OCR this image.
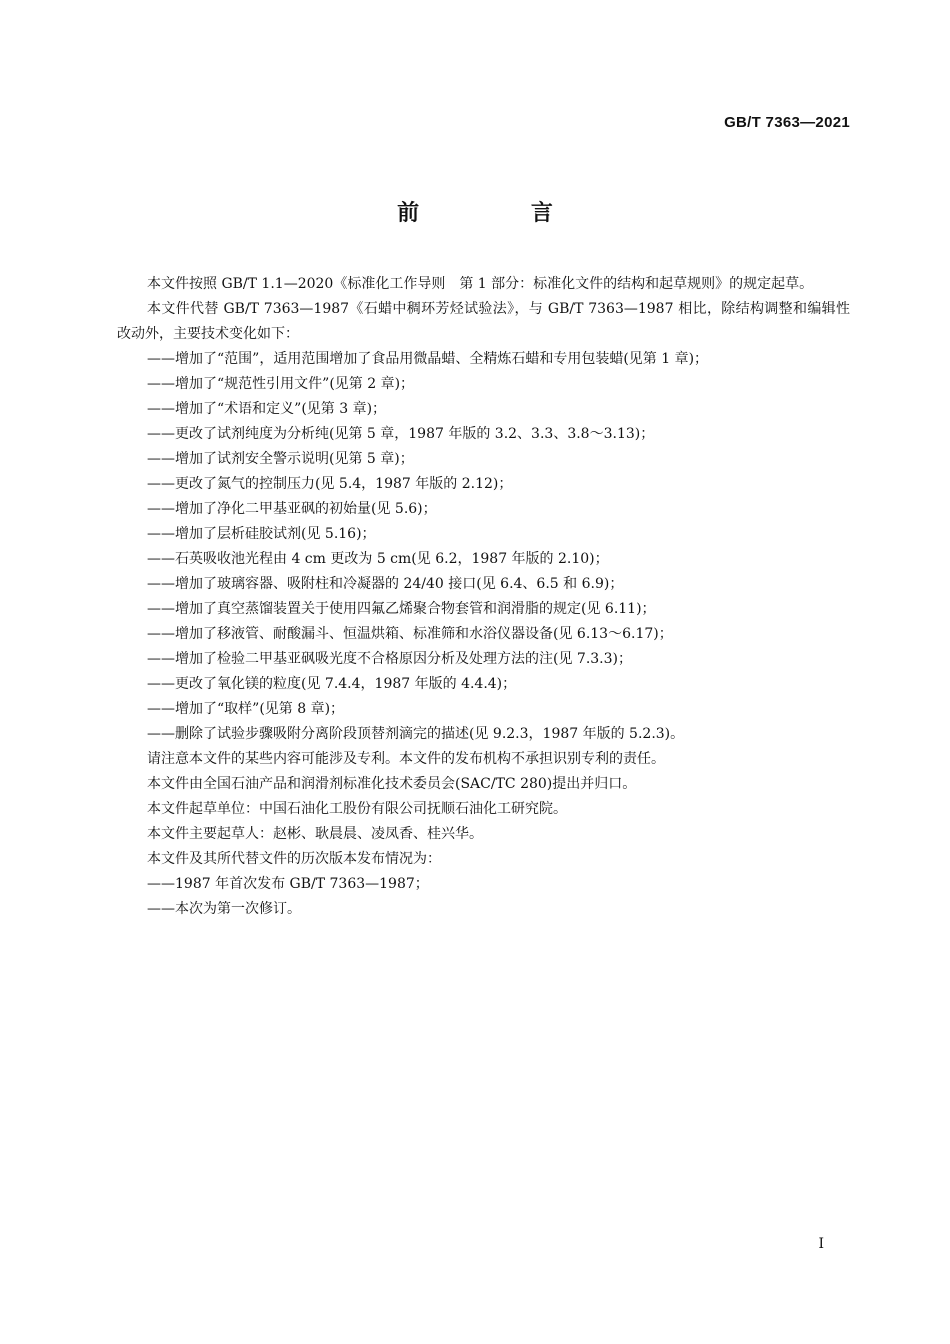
GB/T 7363—2021
前 言

本文件按照 GB/T 1.1—2020《标准化工作导则　第 1 部分：标准化文件的结构和起草规则》的规定起草。

本文件代替 GB/T 7363—1987《石蜡中稠环芳烃试验法》，与 GB/T 7363—1987 相比，除结构调整和编辑性改动外，主要技术变化如下：

——增加了“范围”，适用范围增加了食品用微晶蜡、全精炼石蜡和专用包装蜡(见第 1 章)；
——增加了“规范性引用文件”(见第 2 章)；
——增加了“术语和定义”(见第 3 章)；
——更改了试剂纯度为分析纯(见第 5 章，1987 年版的 3.2、3.3、3.8～3.13)；
——增加了试剂安全警示说明(见第 5 章)；
——更改了氮气的控制压力(见 5.4，1987 年版的 2.12)；
——增加了净化二甲基亚砜的初始量(见 5.6)；
——增加了层析硅胶试剂(见 5.16)；
——石英吸收池光程由 4 cm 更改为 5 cm(见 6.2，1987 年版的 2.10)；
——增加了玻璃容器、吸附柱和冷凝器的 24/40 接口(见 6.4、6.5 和 6.9)；
——增加了真空蒸馏装置关于使用四氟乙烯聚合物套管和润滑脂的规定(见 6.11)；
——增加了移液管、耐酸漏斗、恒温烘箱、标准筛和水浴仪器设备(见 6.13～6.17)；
——增加了检验二甲基亚砜吸光度不合格原因分析及处理方法的注(见 7.3.3)；
——更改了氧化镁的粒度(见 7.4.4，1987 年版的 4.4.4)；
——增加了“取样”(见第 8 章)；
——删除了试验步骤吸附分离阶段顶替剂滴完的描述(见 9.2.3，1987 年版的 5.2.3)。

请注意本文件的某些内容可能涉及专利。本文件的发布机构不承担识别专利的责任。

本文件由全国石油产品和润滑剂标准化技术委员会(SAC/TC 280)提出并归口。

本文件起草单位：中国石油化工股份有限公司抚顺石油化工研究院。

本文件主要起草人：赵彬、耿晨晨、凌凤香、桂兴华。

本文件及其所代替文件的历次版本发布情况为：

——1987 年首次发布 GB/T 7363—1987；
——本次为第一次修订。
I
